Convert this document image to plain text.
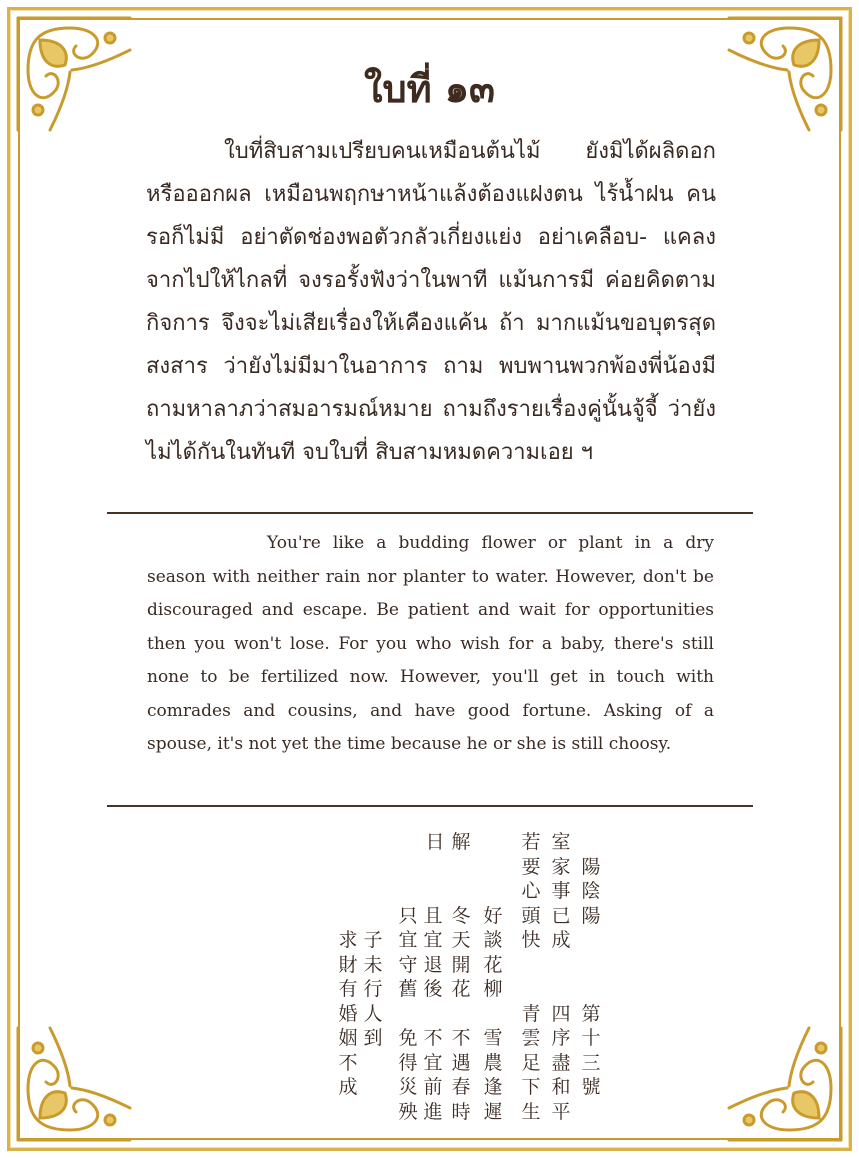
ใบที่ ๑๓
ใบที่สิบสามเปรียบคนเหมือนต้นไม้ ยังมิได้ผลิดอก หรือออกผล เหมือนพฤกษาหน้าแล้งต้องแฝงตน ไร้น้ำฝน คนรอก็ไม่มี อย่าตัดช่องพอตัวกลัวเกี่ยงแย่ง อย่าเคลือบ- แคลงจากไปให้ไกลที่ จงรอรั้งฟังว่าในพาที แม้นการมี ค่อยคิดตามกิจการ จึงจะไม่เสียเรื่องให้เคืองแค้น ถ้า มากแม้นขอบุตรสุดสงสาร ว่ายังไม่มีมาในอาการ ถาม พบพานพวกพ้องพี่น้องมี ถามหาลาภว่าสมอารมณ์หมาย ถามถึงรายเรื่องคู่นั้นจู้จี้ ว่ายังไม่ได้กันในทันที จบใบที่ สิบสามหมดความเอย ฯ
You're like a budding flower or plant in a dry season with neither rain nor planter to water. However, don't be discouraged and escape. Be patient and wait for opportunities then you won't lose. For you who wish for a baby, there's still none to be fertilized now. However, you'll get in touch with comrades and cousins, and have good fortune. Asking of a spouse, it's not yet the time because he or she is still choosy.
陽
陰
陽
第
十
三
號
室
家
事
已
成
四
序
盡
和
平
若
要
心
頭
快
青
雲
足
下
生
好
談
花
柳
雪
農
逢
遲
解
冬
天
開
花
不
遇
春
時
且
宜
退
後
不
宜
前
進
日
只
宜
守
舊
免
得
災
殃
子
未
行
人
到
求
財
有
婚
姻
不
成
